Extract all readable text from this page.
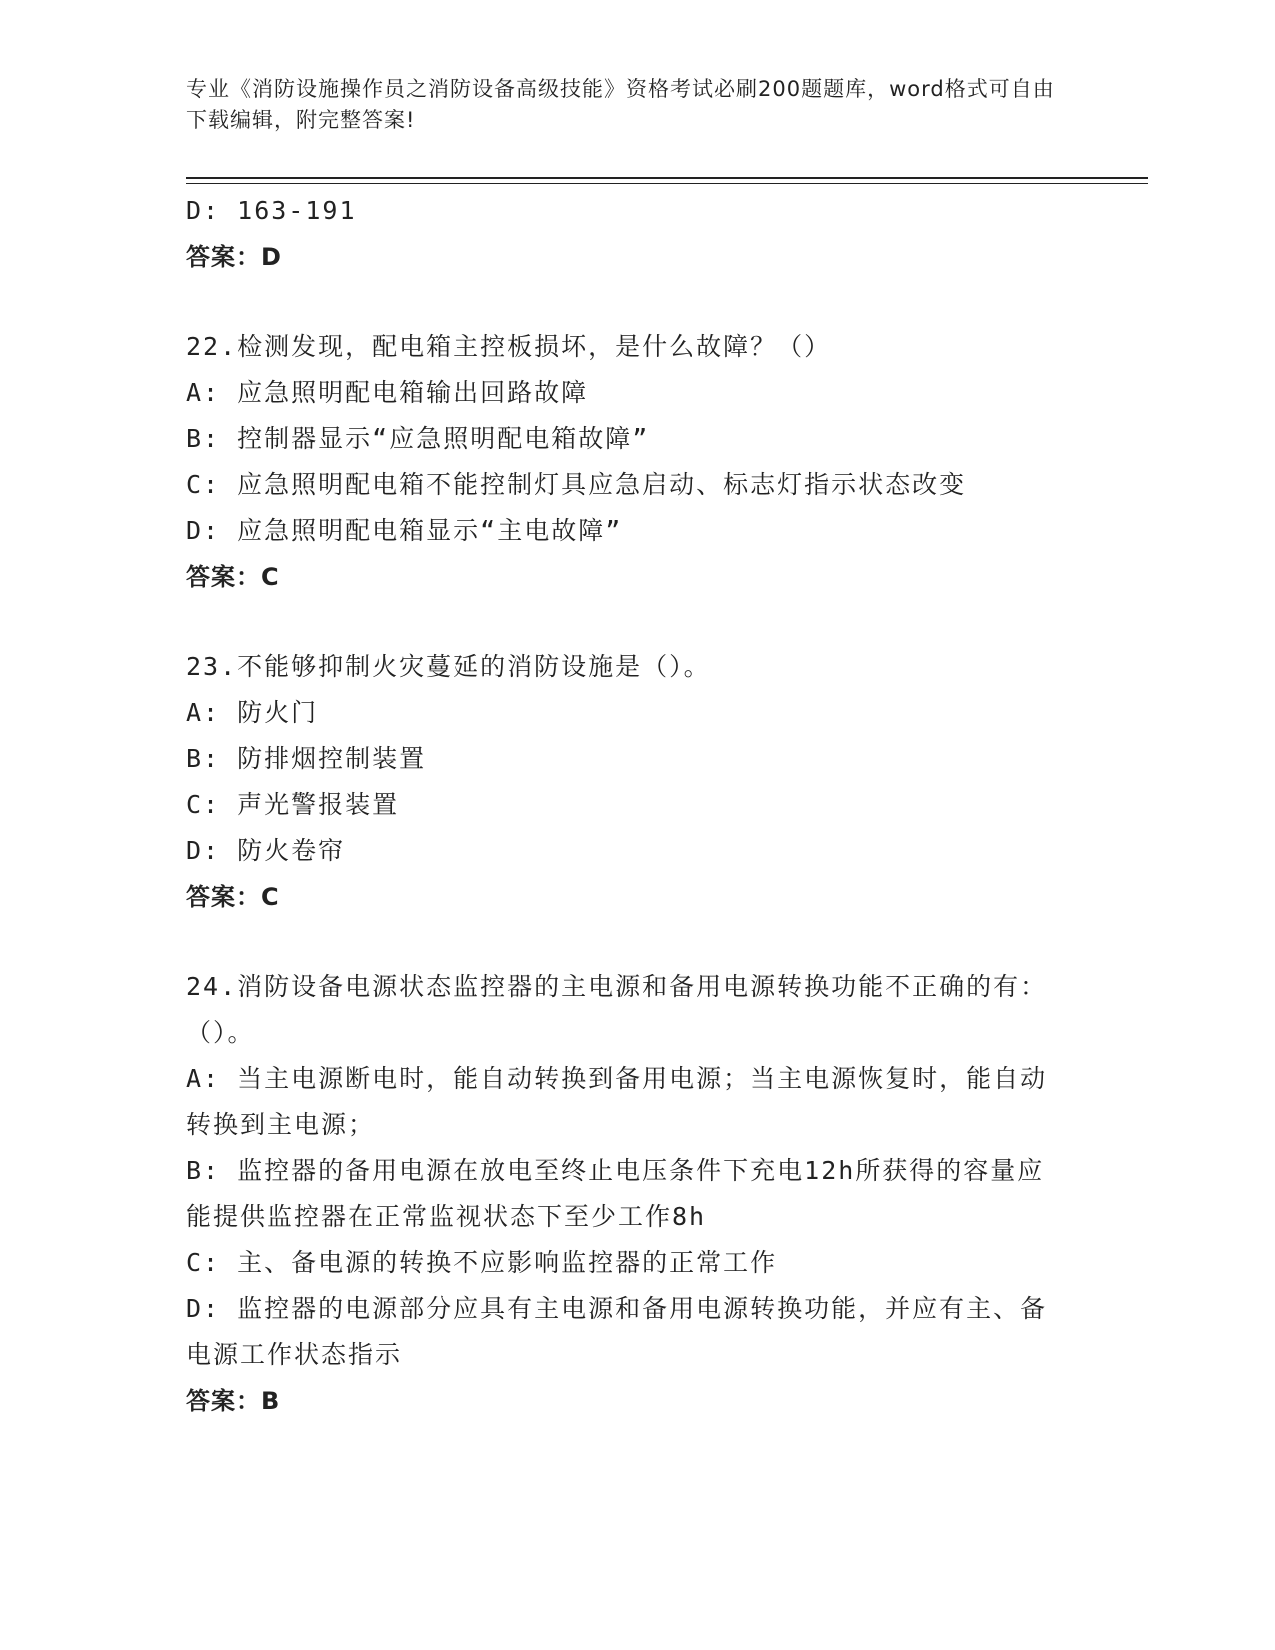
专业《消防设施操作员之消防设备高级技能》资格考试必刷200题题库，word格式可自由下载编辑，附完整答案!
D: 163-191
答案：D
22.检测发现，配电箱主控板损坏，是什么故障？（）
A: 应急照明配电箱输出回路故障
B: 控制器显示“应急照明配电箱故障”
C: 应急照明配电箱不能控制灯具应急启动、标志灯指示状态改变
D: 应急照明配电箱显示“主电故障”
答案：C
23.不能够抑制火灾蔓延的消防设施是（）。
A: 防火门
B: 防排烟控制装置
C: 声光警报装置
D: 防火卷帘
答案：C
24.消防设备电源状态监控器的主电源和备用电源转换功能不正确的有：（）。
A: 当主电源断电时，能自动转换到备用电源；当主电源恢复时，能自动转换到主电源；
B: 监控器的备用电源在放电至终止电压条件下充电12h所获得的容量应能提供监控器在正常监视状态下至少工作8h
C: 主、备电源的转换不应影响监控器的正常工作
D: 监控器的电源部分应具有主电源和备用电源转换功能，并应有主、备电源工作状态指示
答案：B
